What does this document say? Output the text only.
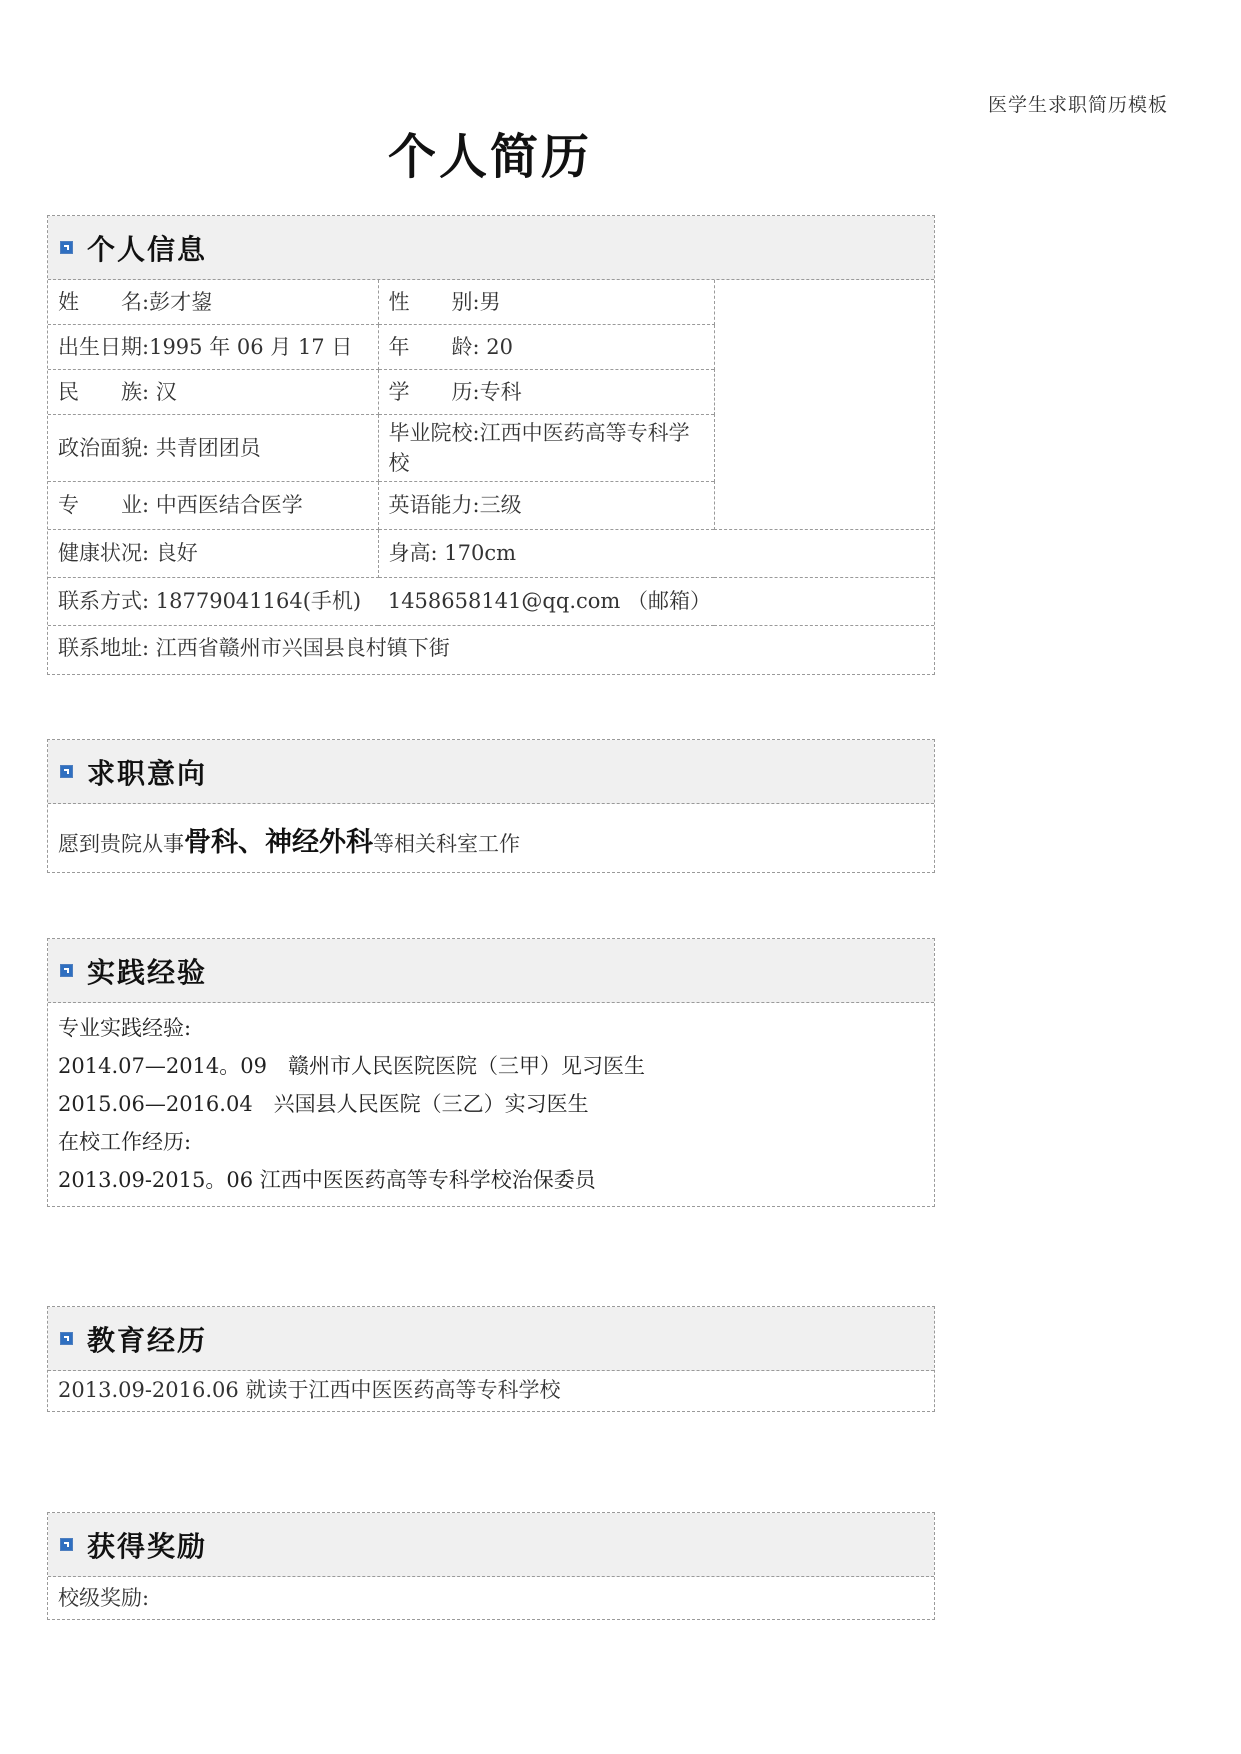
医学生求职简历模板
个人简历
个人信息
姓　　名:彭才鋆	性　　别:男	
出生日期:1995 年 06 月 17 日	年　　龄: 20	
民　　族: 汉	学　　历:专科	
政治面貌: 共青团团员	毕业院校:江西中医药高等专科学校	
专　　业: 中西医结合医学	英语能力:三级	
健康状况: 良好	身高: 170cm	
联系方式: 18779041164(手机) 1458658141@qq.com （邮箱）		
联系地址: 江西省赣州市兴国县良村镇下街		
求职意向
愿到贵院从事骨科、神经外科等相关科室工作
实践经验
专业实践经验:
2014.07—2014。09　赣州市人民医院医院（三甲）见习医生
2015.06—2016.04　兴国县人民医院（三乙）实习医生
在校工作经历:
2013.09-2015。06 江西中医医药高等专科学校治保委员
教育经历
2013.09-2016.06 就读于江西中医医药高等专科学校
获得奖励
校级奖励:
